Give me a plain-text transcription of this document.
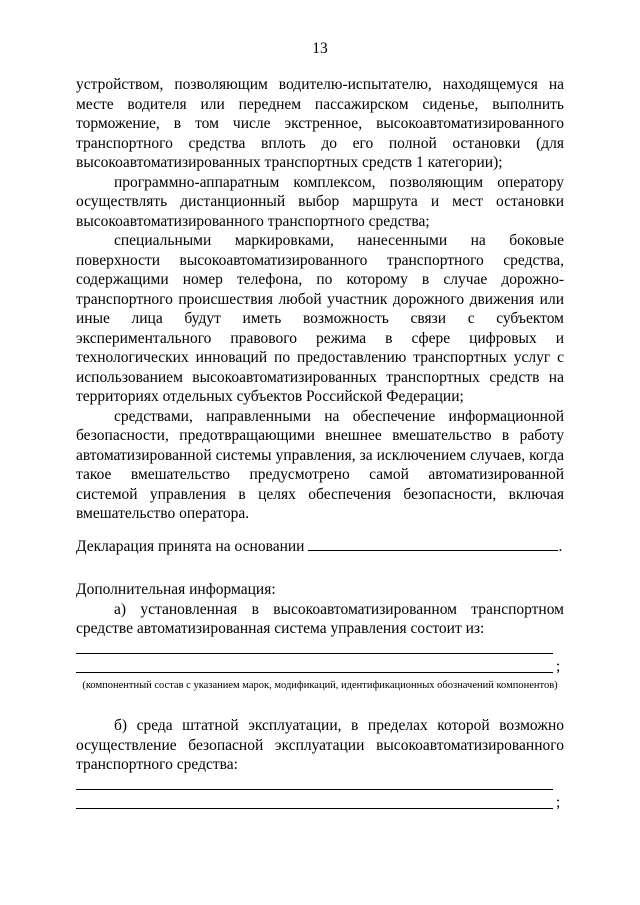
13

устройством, позволяющим водителю-испытателю, находящемуся на месте водителя или переднем пассажирском сиденье, выполнить торможение, в том числе экстренное, высокоавтоматизированного транспортного средства вплоть до его полной остановки (для высокоавтоматизированных транспортных средств 1 категории);

программно-аппаратным комплексом, позволяющим оператору осуществлять дистанционный выбор маршрута и мест остановки высокоавтоматизированного транспортного средства;

специальными маркировками, нанесенными на боковые поверхности высокоавтоматизированного транспортного средства, содержащими номер телефона, по которому в случае дорожно-транспортного происшествия любой участник дорожного движения или иные лица будут иметь возможность связи с субъектом экспериментального правового режима в сфере цифровых и технологических инноваций по предоставлению транспортных услуг с использованием высокоавтоматизированных транспортных средств на территориях отдельных субъектов Российской Федерации;

средствами, направленными на обеспечение информационной безопасности, предотвращающими внешнее вмешательство в работу автоматизированной системы управления, за исключением случаев, когда такое вмешательство предусмотрено самой автоматизированной системой управления в целях обеспечения безопасности, включая вмешательство оператора.

Декларация принята на основании	.

Дополнительная информация:

а) установленная в высокоавтоматизированном транспортном средстве автоматизированная система управления состоит из:

;
(компонентный состав с указанием марок, модификаций, идентификационных обозначений компонентов)

б) среда штатной эксплуатации, в пределах которой возможно осуществление безопасной эксплуатации высокоавтоматизированного транспортного средства:

;
